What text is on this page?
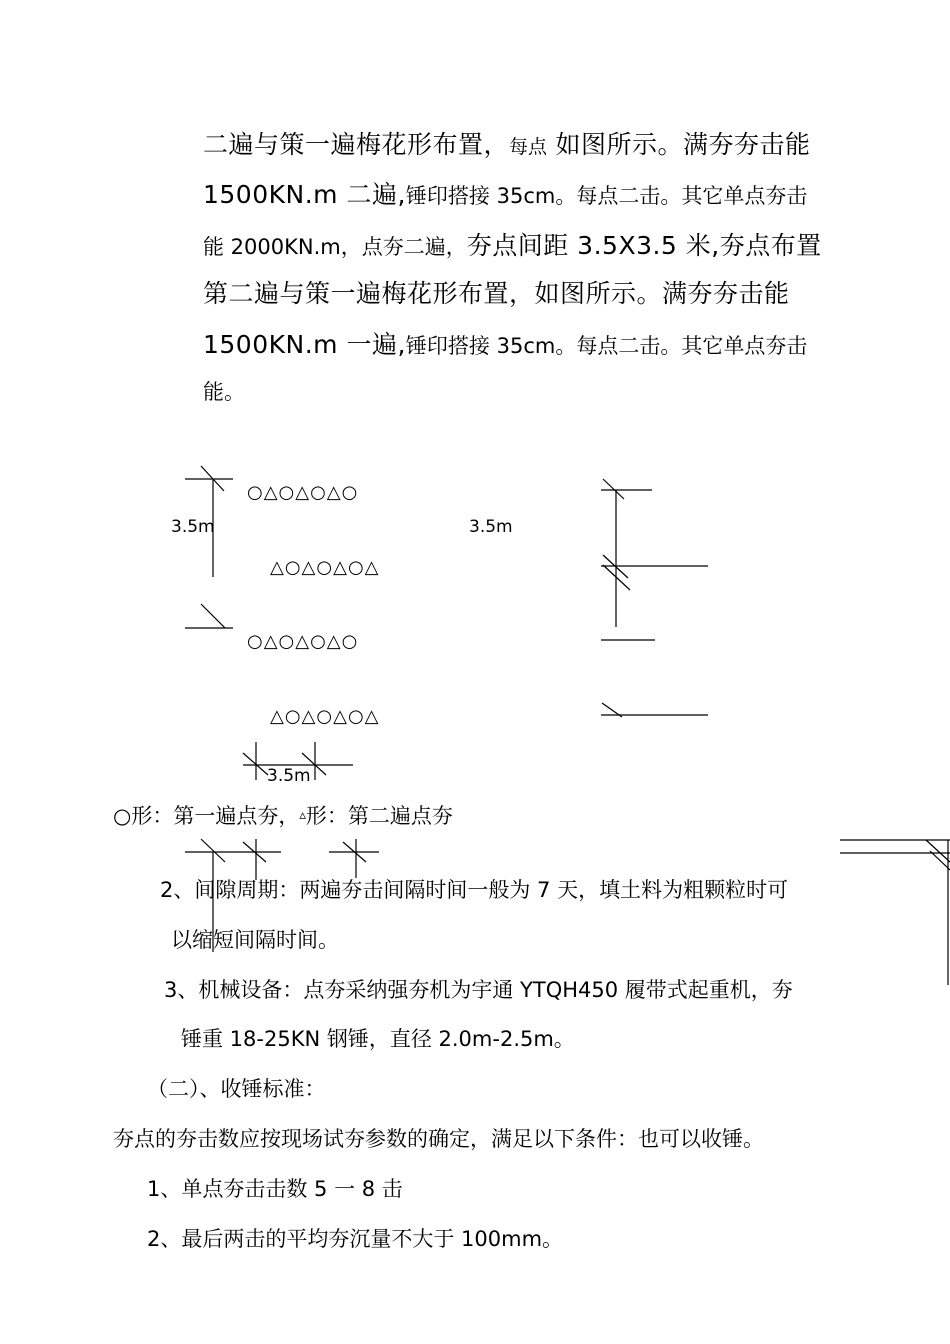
二遍与策一遍梅花形布置，每点 如图所示。满夯夯击能
1500KN.m 二遍,锤印搭接 35cm。每点二击。其它单点夯击
能 2000KN.m，点夯二遍，夯点间距 3.5X3.5 米,夯点布置
第二遍与策一遍梅花形布置，如图所示。满夯夯击能
1500KN.m 一遍,锤印搭接 35cm。每点二击。其它单点夯击
能。
○△○△○△○
△○△○△○△
○△○△○△○
△○△○△○△
3.5m	3.5m
3.5m
○形：第一遍点夯，▵形：第二遍点夯
2、间隙周期：两遍夯击间隔时间一般为 7 天，填土料为粗颗粒时可
以缩短间隔时间。
3、机械设备：点夯采纳强夯机为宇通 YTQH450 履带式起重机，夯
锤重 18-25KN 钢锤，直径 2.0m-2.5m。
（二）、收锤标准：
夯点的夯击数应按现场试夯参数的确定，满足以下条件：也可以收锤。
1、单点夯击击数 5 一 8 击
2、最后两击的平均夯沉量不大于 100mm。
